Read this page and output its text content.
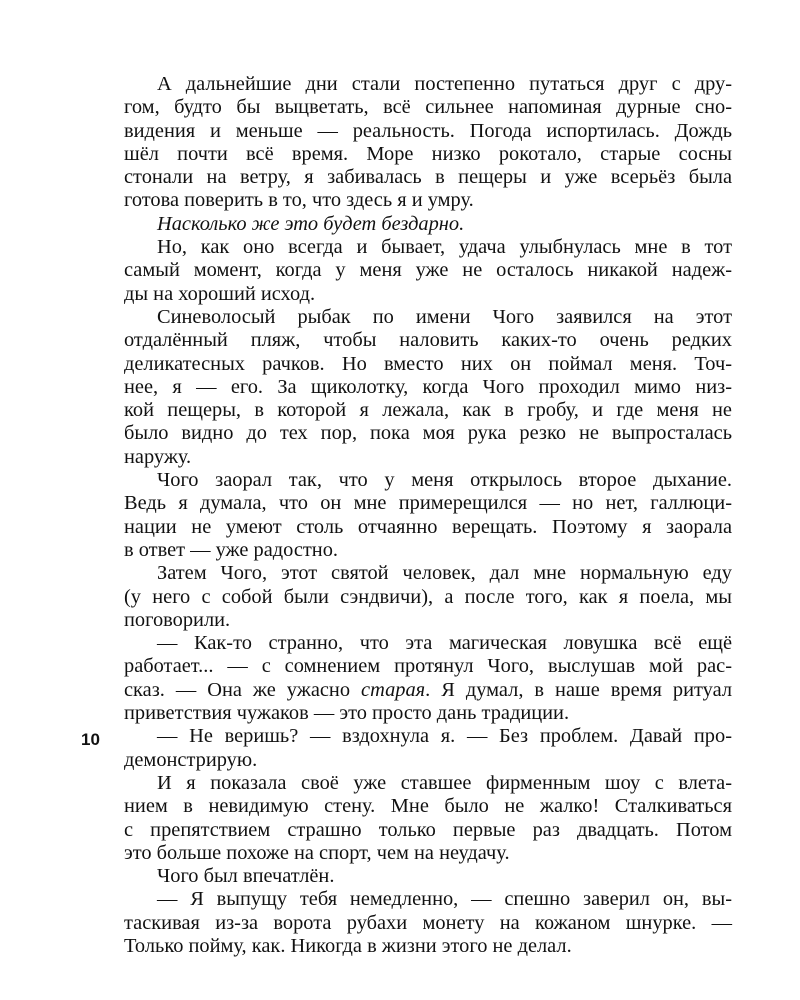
10
А дальнейшие дни стали постепенно путаться друг с дру-
гом, будто бы выцветать, всё сильнее напоминая дурные сно-
видения и меньше — реальность. Погода испортилась. Дождь
шёл почти всё время. Море низко рокотало, старые сосны
стонали на ветру, я забивалась в пещеры и уже всерьёз была
готова поверить в то, что здесь я и умру.
Насколько же это будет бездарно.
Но, как оно всегда и бывает, удача улыбнулась мне в тот
самый момент, когда у меня уже не осталось никакой надеж-
ды на хороший исход.
Синеволосый рыбак по имени Чого заявился на этот
отдалённый пляж, чтобы наловить каких-то очень редких
деликатесных рачков. Но вместо них он поймал меня. Точ-
нее, я — его. За щиколотку, когда Чого проходил мимо низ-
кой пещеры, в которой я лежала, как в гробу, и где меня не
было видно до тех пор, пока моя рука резко не выпросталась
наружу.
Чого заорал так, что у меня открылось второе дыхание.
Ведь я думала, что он мне примерещился — но нет, галлюци-
нации не умеют столь отчаянно верещать. Поэтому я заорала
в ответ — уже радостно.
Затем Чого, этот святой человек, дал мне нормальную еду
(у него с собой были сэндвичи), а после того, как я поела, мы
поговорили.
— Как-то странно, что эта магическая ловушка всё ещё
работает... — с сомнением протянул Чого, выслушав мой рас-
сказ. — Она же ужасно старая. Я думал, в наше время ритуал
приветствия чужаков — это просто дань традиции.
— Не веришь? — вздохнула я. — Без проблем. Давай про-
демонстрирую.
И я показала своё уже ставшее фирменным шоу с влета-
нием в невидимую стену. Мне было не жалко! Сталкиваться
с препятствием страшно только первые раз двадцать. Потом
это больше похоже на спорт, чем на неудачу.
Чого был впечатлён.
— Я выпущу тебя немедленно, — спешно заверил он, вы-
таскивая из-за ворота рубахи монету на кожаном шнурке. —
Только пойму, как. Никогда в жизни этого не делал.
